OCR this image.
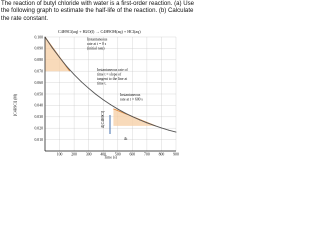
The reaction of butyl chloride with water is a first-order reaction. (a) Use the following graph to estimate the half-life of the reaction. (b) Calculate the rate constant.
0.100
0.090
0.080
0.070
0.060
0.050
0.040
0.030
0.020
0.010
100 200 300 400 500 600 700 800 900
C4H9Cl(aq) + H2O(l) → C4H9OH(aq) + HCl(aq)
Instantaneous
rate at t = 0 s
(initial rate)
Instantaneous rate of
time t = slope of
tangent to the line at
time t.
Instantaneous
rate at t = 600 s
Δ[C4H9Cl]
Δt
[C4H9Cl] (M)
Time (s)
